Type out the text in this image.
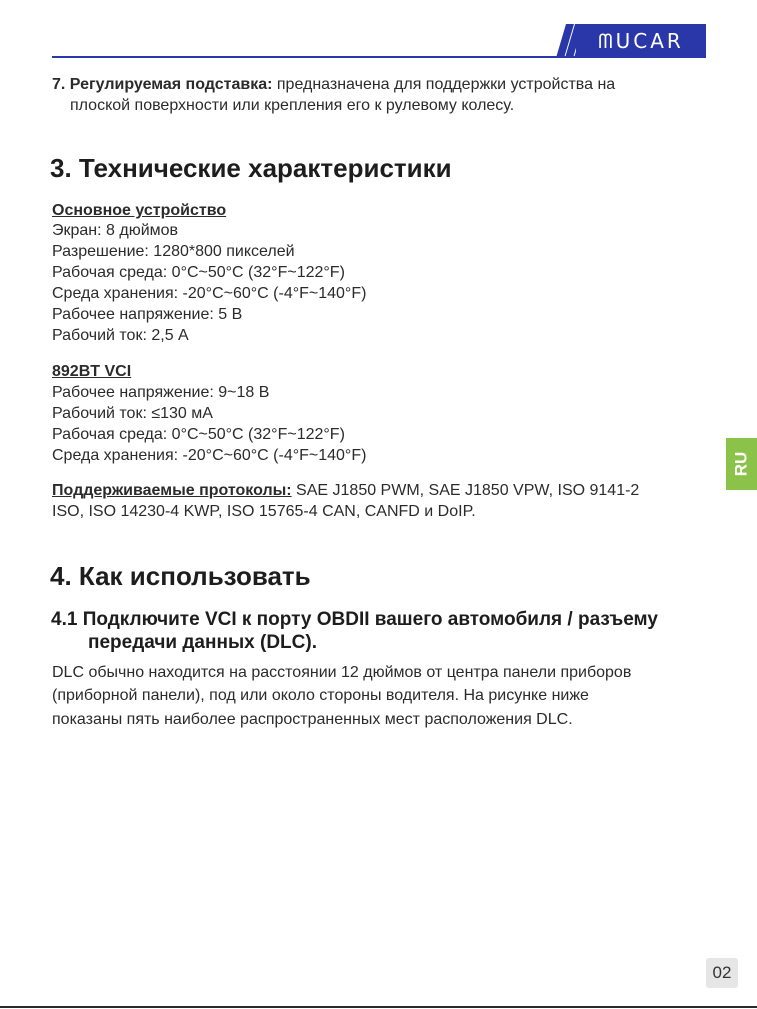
ᗰUCAR
7. Регулируемая подставка: предназначена для поддержки устройства на
плоской поверхности или крепления его к рулевому колесу.
3. Технические характеристики
Основное устройство
Экран: 8 дюймов
Разрешение: 1280*800 пикселей
Рабочая среда: 0°C~50°C (32°F~122°F)
Среда хранения: -20°C~60°C (-4°F~140°F)
Рабочее напряжение: 5 В
Рабочий ток: 2,5 А
892BT VCI
Рабочее напряжение: 9~18 В
Рабочий ток: ≤130 мА
Рабочая среда: 0°C~50°C (32°F~122°F)
Среда хранения: -20°C~60°C (-4°F~140°F)
Поддерживаемые протоколы: SAE J1850 PWM, SAE J1850 VPW, ISO 9141-2
ISO, ISO 14230-4 KWP, ISO 15765-4 CAN, CANFD и DoIP.
4. Как использовать
4.1 Подключите VCI к порту OBDII вашего автомобиля / разъему
передачи данных (DLC).
DLC обычно находится на расстоянии 12 дюймов от центра панели приборов
(приборной панели), под или около стороны водителя. На рисунке ниже
показаны пять наиболее распространенных мест расположения DLC.
RU
02
